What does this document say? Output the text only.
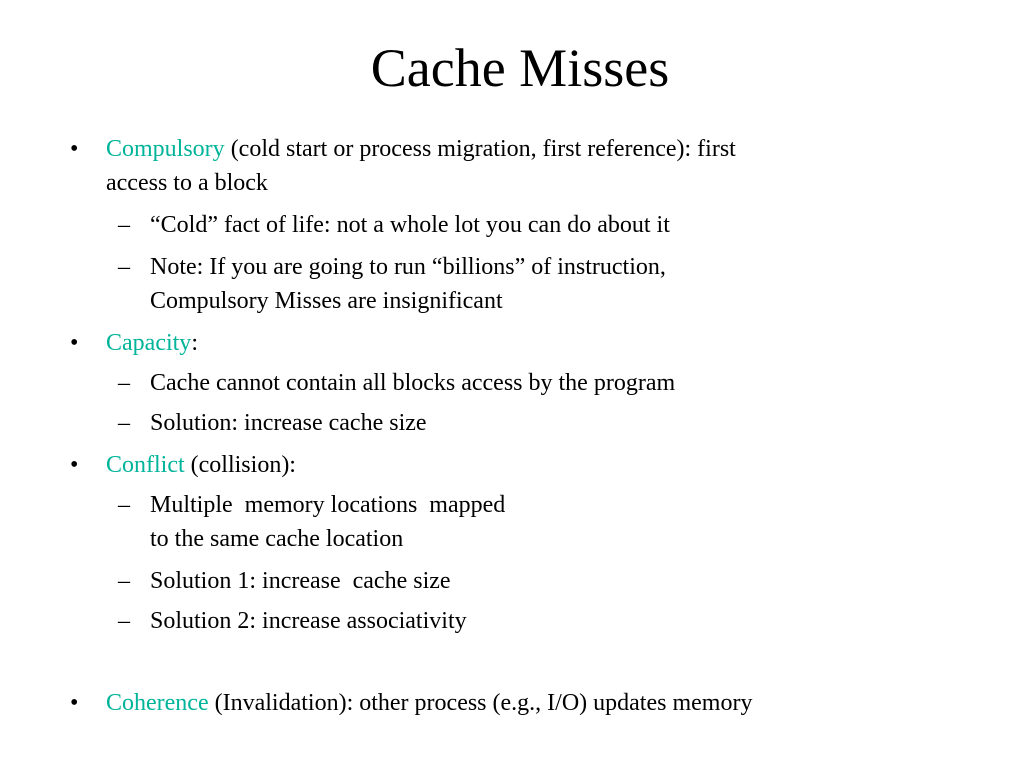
Cache Misses
• Compulsory (cold start or process migration, first reference): first

access to a block

– “Cold” fact of life: not a whole lot you can do about it

– Note: If you are going to run “billions” of instruction,

Compulsory Misses are insignificant

• Capacity:

– Cache cannot contain all blocks access by the program

– Solution: increase cache size

• Conflict (collision):

– Multiple  memory locations  mapped

to the same cache location

– Solution 1: increase  cache size

– Solution 2: increase associativity

• Coherence (Invalidation): other process (e.g., I/O) updates memory
